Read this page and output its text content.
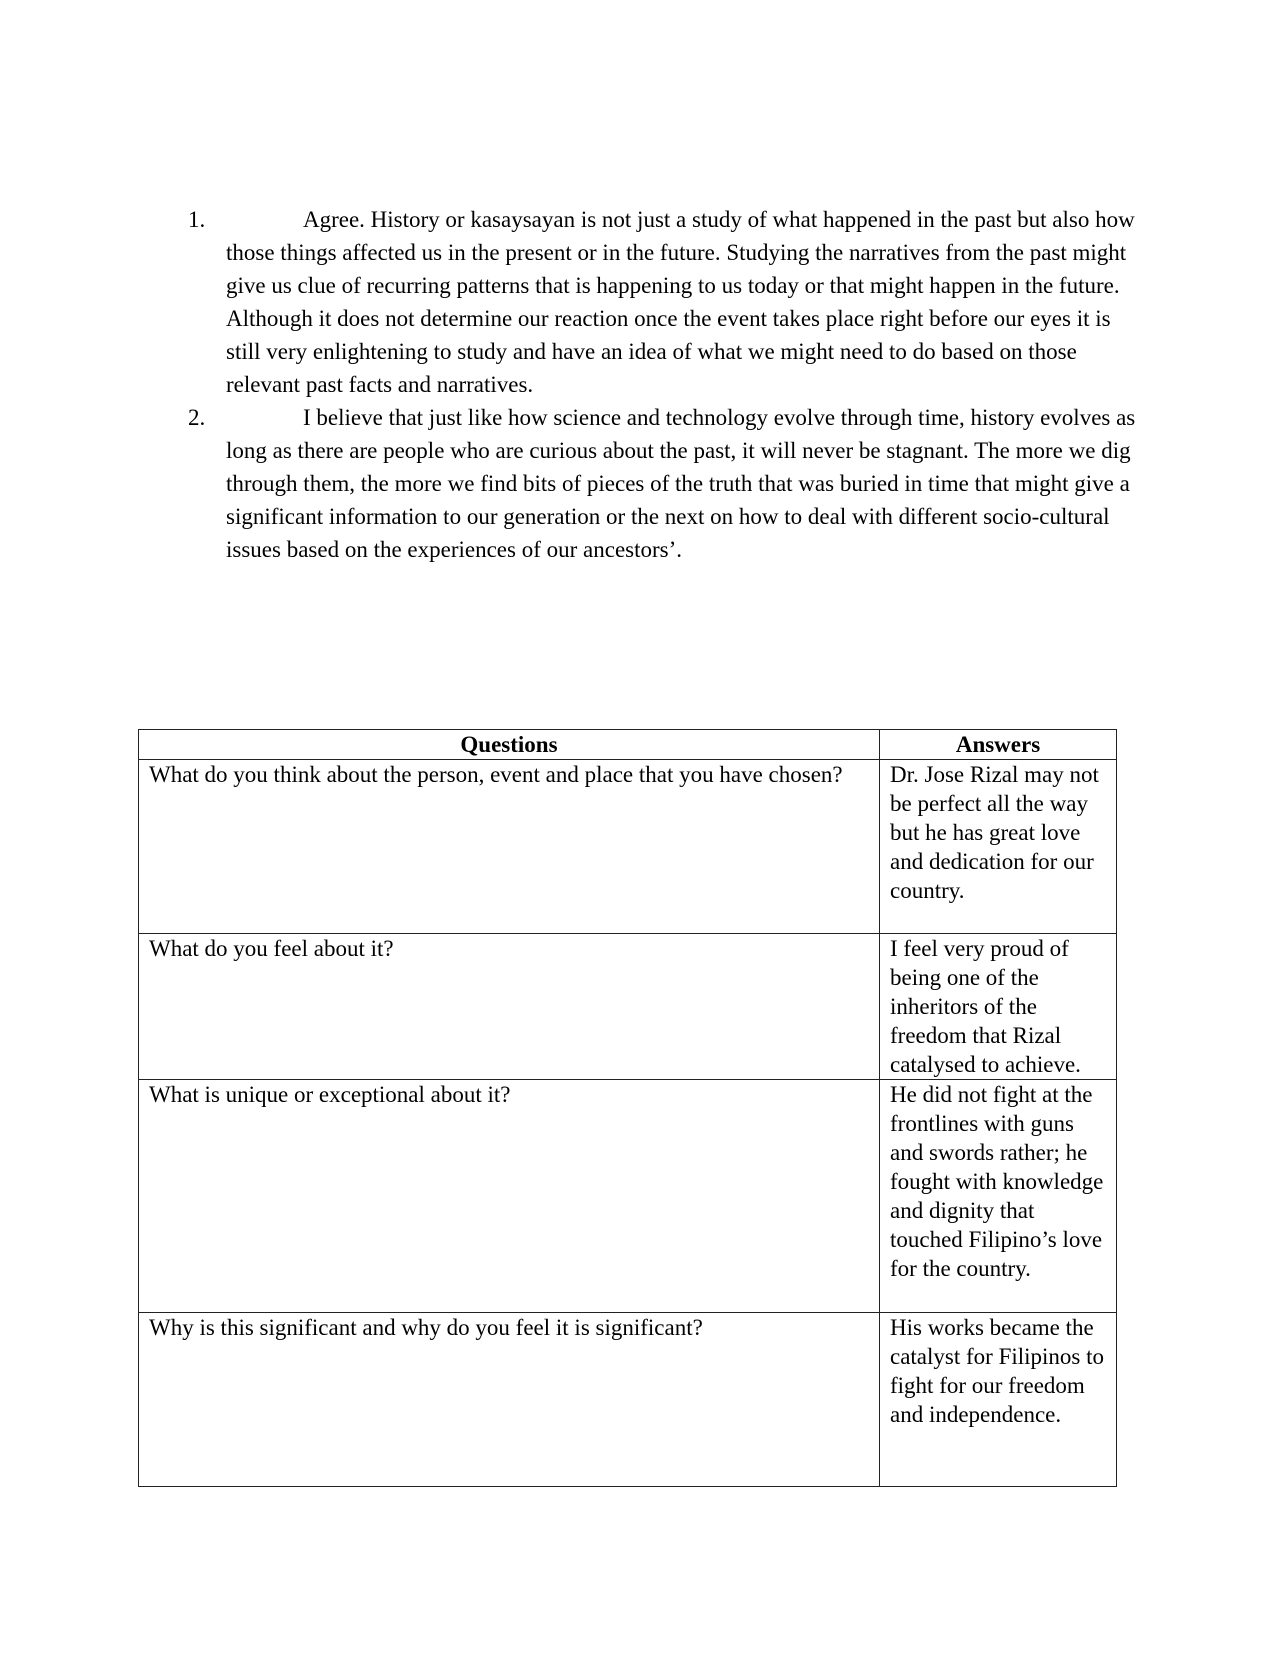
1.	Agree. History or kasaysayan is not just a study of what happened in the past but also how those things affected us in the present or in the future. Studying the narratives from the past might give us clue of recurring patterns that is happening to us today or that might happen in the future. Although it does not determine our reaction once the event takes place right before our eyes it is still very enlightening to study and have an idea of what we might need to do based on those relevant past facts and narratives.
2.	I believe that just like how science and technology evolve through time, history evolves as long as there are people who are curious about the past, it will never be stagnant. The more we dig through them, the more we find bits of pieces of the truth that was buried in time that might give a significant information to our generation or the next on how to deal with different socio-cultural issues based on the experiences of our ancestors’.
Questions	Answers
What do you think about the person, event and place that you have chosen?	Dr. Jose Rizal may not be perfect all the way but he has great love and dedication for our country.
What do you feel about it?	I feel very proud of being one of the inheritors of the freedom that Rizal catalysed to achieve.
What is unique or exceptional about it?	He did not fight at the frontlines with guns and swords rather; he fought with knowledge and dignity that touched Filipino’s love for the country.
Why is this significant and why do you feel it is significant?	His works became the catalyst for Filipinos to fight for our freedom and independence.
